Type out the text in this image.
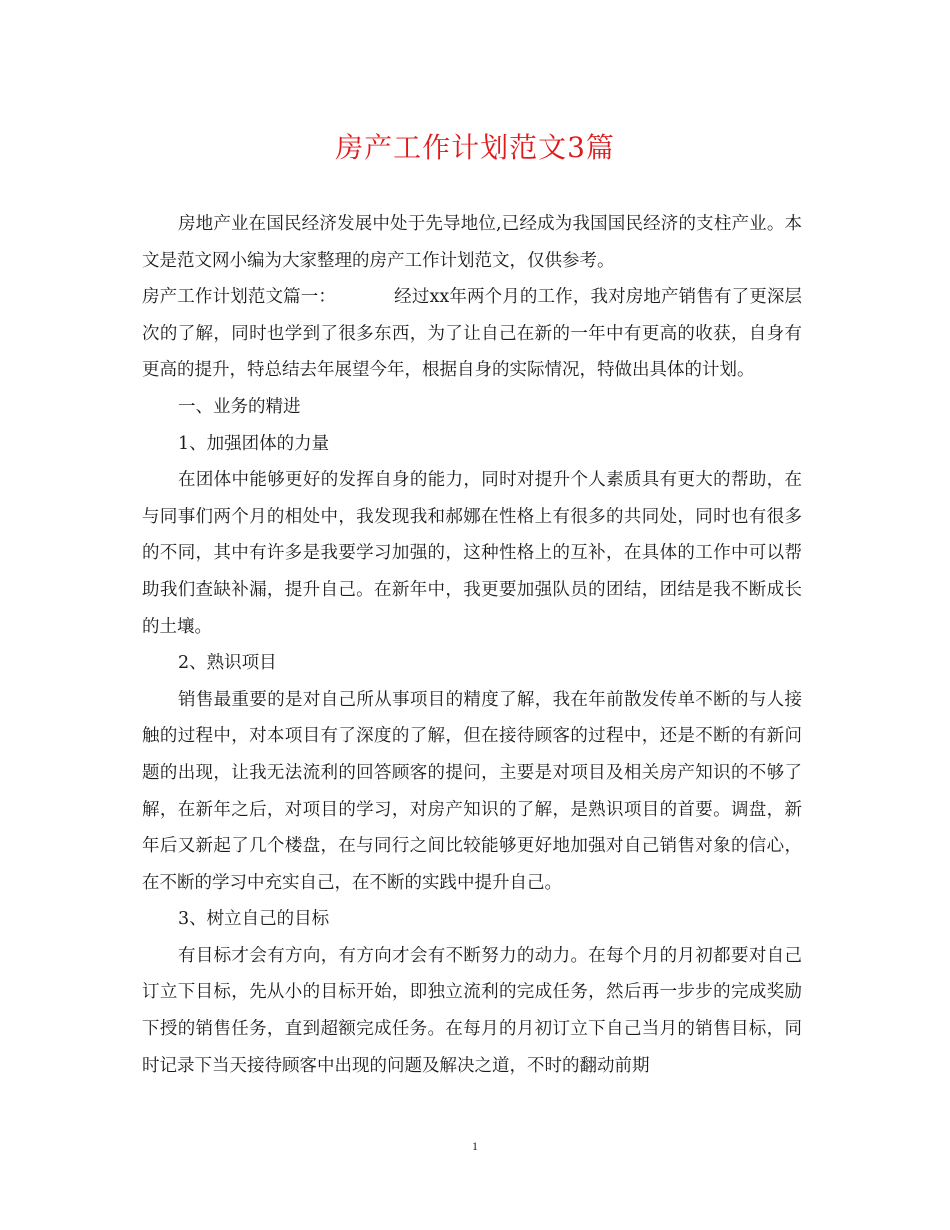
房产工作计划范文3篇

房地产业在国民经济发展中处于先导地位,已经成为我国国民经济的支柱产业。本文是范文网小编为大家整理的房产工作计划范文，仅供参考。

房产工作计划范文篇一：	经过xx年两个月的工作，我对房地产销售有了更深层次的了解，同时也学到了很多东西，为了让自己在新的一年中有更高的收获，自身有更高的提升，特总结去年展望今年，根据自身的实际情况，特做出具体的计划。

一、业务的精进

1、加强团体的力量

在团体中能够更好的发挥自身的能力，同时对提升个人素质具有更大的帮助，在与同事们两个月的相处中，我发现我和郝娜在性格上有很多的共同处，同时也有很多的不同，其中有许多是我要学习加强的，这种性格上的互补，在具体的工作中可以帮助我们查缺补漏，提升自己。在新年中，我更要加强队员的团结，团结是我不断成长的土壤。

2、熟识项目

销售最重要的是对自己所从事项目的精度了解，我在年前散发传单不断的与人接触的过程中，对本项目有了深度的了解，但在接待顾客的过程中，还是不断的有新问题的出现，让我无法流利的回答顾客的提问，主要是对项目及相关房产知识的不够了解，在新年之后，对项目的学习，对房产知识的了解，是熟识项目的首要。调盘，新年后又新起了几个楼盘，在与同行之间比较能够更好地加强对自己销售对象的信心，在不断的学习中充实自己，在不断的实践中提升自己。

3、树立自己的目标

有目标才会有方向，有方向才会有不断努力的动力。在每个月的月初都要对自己订立下目标，先从小的目标开始，即独立流利的完成任务，然后再一步步的完成奖励下授的销售任务，直到超额完成任务。在每月的月初订立下自己当月的销售目标，同时记录下当天接待顾客中出现的问题及解决之道，不时的翻动前期

1
